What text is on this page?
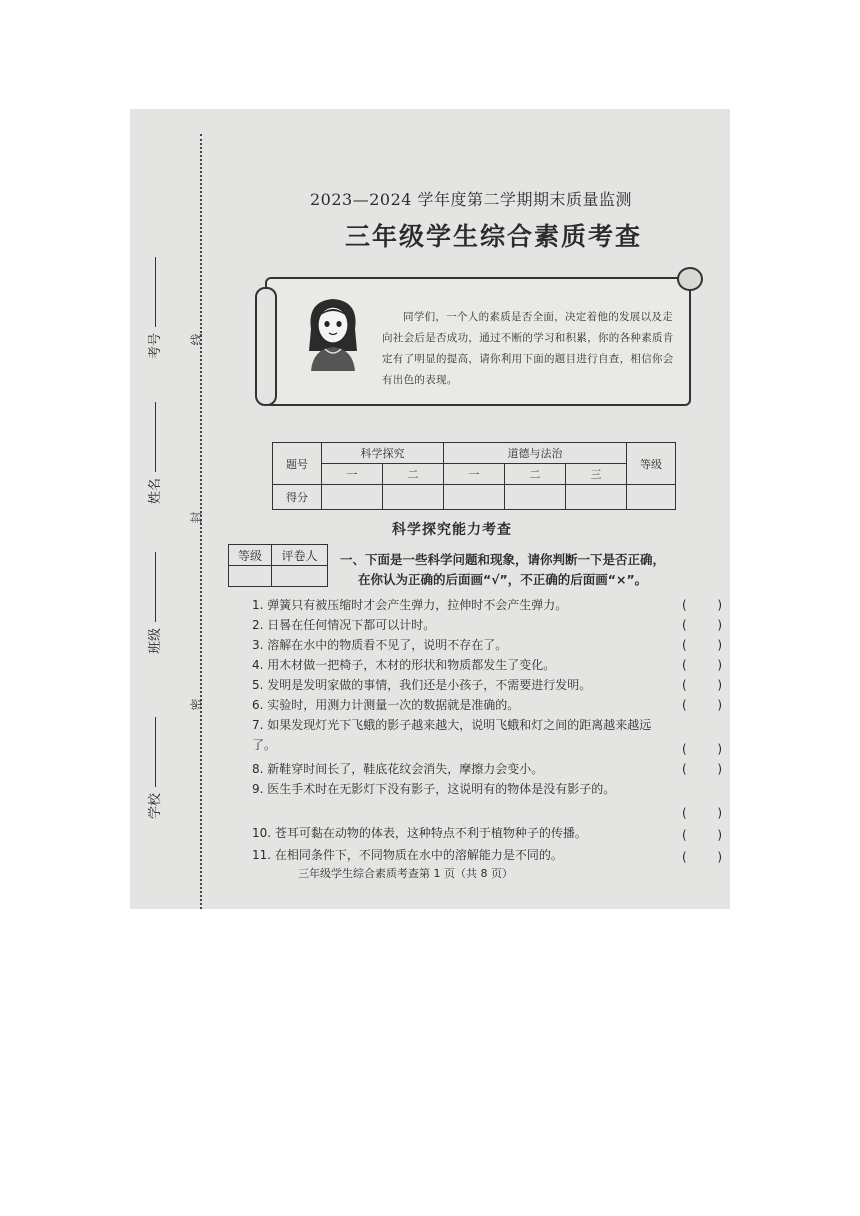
考号
姓名
班级
学校
线
封
密
2023—2024 学年度第二学期期末质量监测
三年级学生综合素质考查
同学们，一个人的素质是否全面，决定着他的发展以及走向社会后是否成功，通过不断的学习和积累，你的各种素质肯定有了明显的提高，请你利用下面的题目进行自查，相信你会有出色的表现。
题号	科学探究		道德与法治			等级
	一	二	一	二	三	
得分						
科学探究能力考查
等级	评卷人
	一、下面是一些科学问题和现象，请你判断一下是否正确，
在你认为正确的后面画“√”，不正确的后面画“×”。
1. 弹簧只有被压缩时才会产生弹力，拉伸时不会产生弹力。	(	)
2. 日晷在任何情况下都可以计时。	(	)
3. 溶解在水中的物质看不见了，说明不存在了。	(	)
4. 用木材做一把椅子，木材的形状和物质都发生了变化。	(	)
5. 发明是发明家做的事情，我们还是小孩子，不需要进行发明。	(	)
6. 实验时，用测力计测量一次的数据就是准确的。	(	)
7. 如果发现灯光下飞蛾的影子越来越大，说明飞蛾和灯之间的距离越来越远了。	(	)
8. 新鞋穿时间长了，鞋底花纹会消失，摩擦力会变小。	(	)
9. 医生手术时在无影灯下没有影子，这说明有的物体是没有影子的。
(	)
10. 苍耳可黏在动物的体表，这种特点不利于植物种子的传播。	(	)
11. 在相同条件下，不同物质在水中的溶解能力是不同的。	(	)
三年级学生综合素质考查第 1 页（共 8 页）
